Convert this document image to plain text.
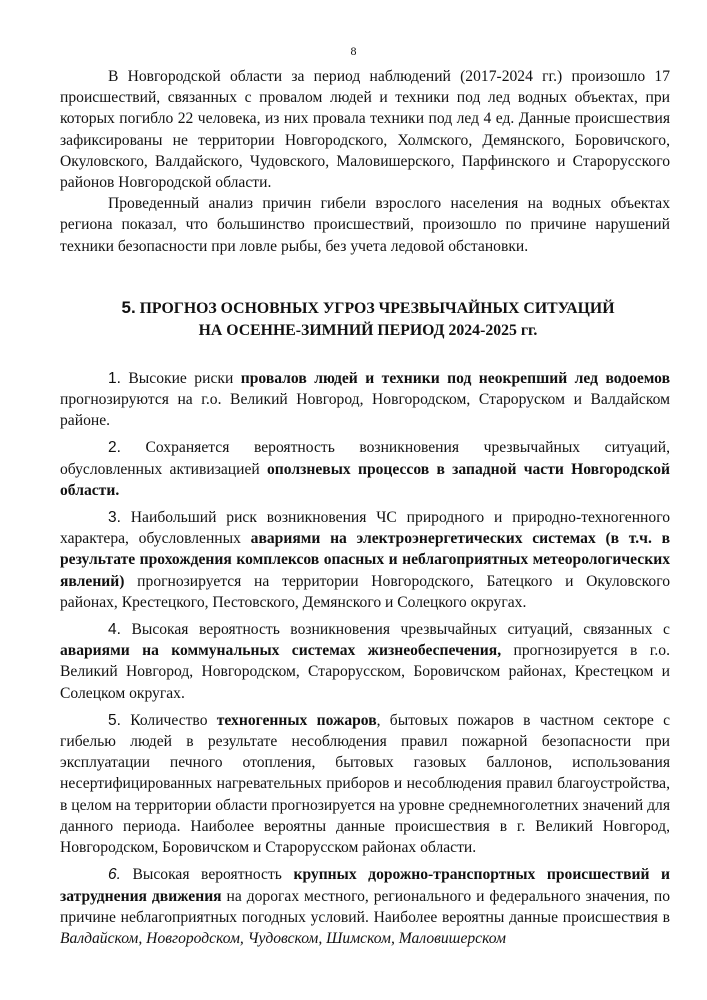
8

В Новгородской области за период наблюдений (2017-2024 гг.) произошло 17 происшествий, связанных с провалом людей и техники под лед водных объектах, при которых погибло 22 человека, из них провала техники под лед 4 ед. Данные происшествия зафиксированы не территории Новгородского, Холмского, Демянского, Боровичского, Окуловского, Валдайского, Чудовского, Маловишерского, Парфинского и Старорусского районов Новгородской области.

Проведенный анализ причин гибели взрослого населения на водных объектах региона показал, что большинство происшествий, произошло по причине нарушений техники безопасности при ловле рыбы, без учета ледовой обстановки.

5. ПРОГНОЗ ОСНОВНЫХ УГРОЗ ЧРЕЗВЫЧАЙНЫХ СИТУАЦИЙ
НА ОСЕННЕ-ЗИМНИЙ ПЕРИОД 2024-2025 гг.

1. Высокие риски провалов людей и техники под неокрепший лед водоемов прогнозируются на г.о. Великий Новгород, Новгородском, Староруском и Валдайском районе.

2. Сохраняется вероятность возникновения чрезвычайных ситуаций, обусловленных активизацией оползневых процессов в западной части Новгородской области.

3. Наибольший риск возникновения ЧС природного и природно-техногенного характера, обусловленных авариями на электроэнергетических системах (в т.ч. в результате прохождения комплексов опасных и неблагоприятных метеорологических явлений) прогнозируется на территории Новгородского, Батецкого и Окуловского районах, Крестецкого, Пестовского, Демянского и Солецкого округах.

4. Высокая вероятность возникновения чрезвычайных ситуаций, связанных с авариями на коммунальных системах жизнеобеспечения, прогнозируется в г.о. Великий Новгород, Новгородском, Старорусском, Боровичском районах, Крестецком и Солецком округах.

5. Количество техногенных пожаров, бытовых пожаров в частном секторе с гибелью людей в результате несоблюдения правил пожарной безопасности при эксплуатации печного отопления, бытовых газовых баллонов, использования несертифицированных нагревательных приборов и несоблюдения правил благоустройства, в целом на территории области прогнозируется на уровне среднемноголетних значений для данного периода. Наиболее вероятны данные происшествия в г. Великий Новгород, Новгородском, Боровичском и Старорусском районах области.

6. Высокая вероятность крупных дорожно-транспортных происшествий и затруднения движения на дорогах местного, регионального и федерального значения, по причине неблагоприятных погодных условий. Наиболее вероятны данные происшествия в Валдайском, Новгородском, Чудовском, Шимском, Маловишерском
